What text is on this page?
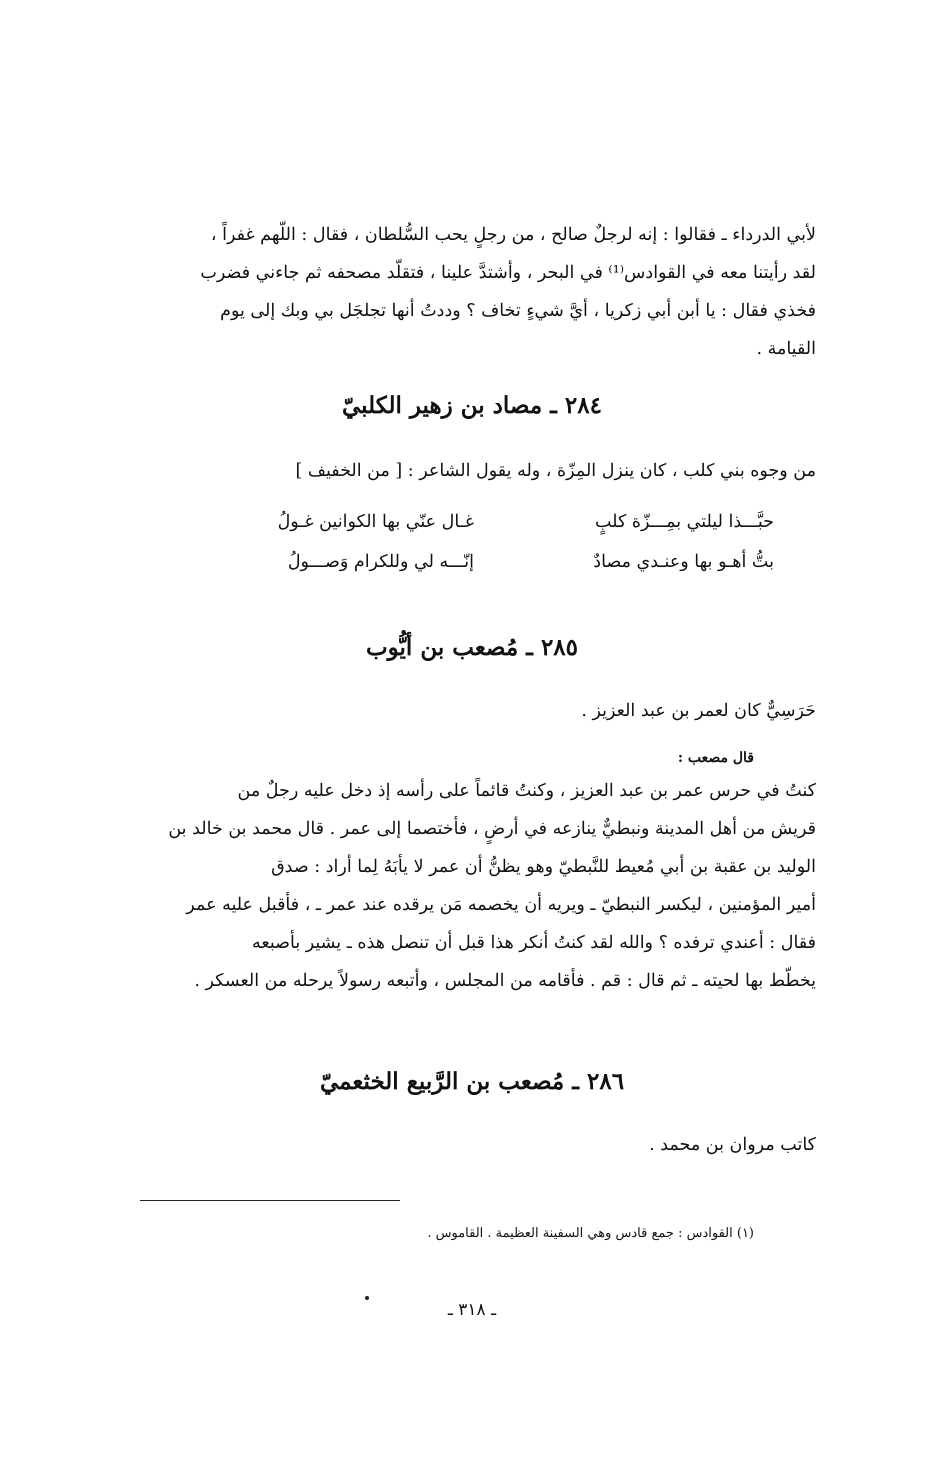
لأبي الدرداء ـ فقالوا : إنه لرجلٌ صالح ، من رجلٍ يحب السُّلطان ، فقال : اللّهم غفراً ،
لقد رأيتنا معه في القوادس⁽¹⁾ في البحر ، وأشتدَّ علينا ، فتقلّد مصحفه ثم جاءني فضرب
فخذي فقال : يا أبن أبي زكريا ، أيَّ شيءٍ تخاف ؟ وددتُ أنها تجلجَل بي وبك إلى يوم
القيامة .
٢٨٤ ـ مصاد بن زهير الكلبيّ
من وجوه بني كلب ، كان ينزل المِزّة ، وله يقول الشاعر : [ من الخفيف ]
حبَّـــذا ليلتي بمِـــزّة كلبٍ
غـال عنّي بها الكوانين غـولُ
بتُّ أهـو بها وعنـدي مصادٌ
إنّـــه لي وللكرام وَصـــولُ
٢٨٥ ـ مُصعب بن أيُّوب
حَرَسِيٌّ كان لعمر بن عبد العزيز .
قال مصعب :
كنتُ في حرس عمر بن عبد العزيز ، وكنتُ قائماً على رأسه إذ دخل عليه رجلٌ من
قريش من أهل المدينة ونبطيٌّ ينازعه في أرضٍ ، فأختصما إلى عمر . قال محمد بن خالد بن
الوليد بن عقبة بن أبي مُعيط للنَّبطيّ وهو يظنُّ أن عمر لا يأبَهُ لِما أراد : صدق
أمير المؤمنين ، ليكسر النبطيّ ـ ويريه أن يخصمه مَن يرقده عند عمر ـ ، فأقبل عليه عمر
فقال : أعندي ترفده ؟ والله لقد كنتُ أنكر هذا قبل أن تنصل هذه ـ يشير بأصبعه
يخطّط بها لحيته ـ ثم قال : قم . فأقامه من المجلس ، وأتبعه رسولاً يرحله من العسكر .
٢٨٦ ـ مُصعب بن الرَّبيع الخثعميّ
كاتب مروان بن محمد .
(١) القوادس : جمع قادس وهي السفينة العظيمة . القاموس .
ـ ٣١٨ ـ
